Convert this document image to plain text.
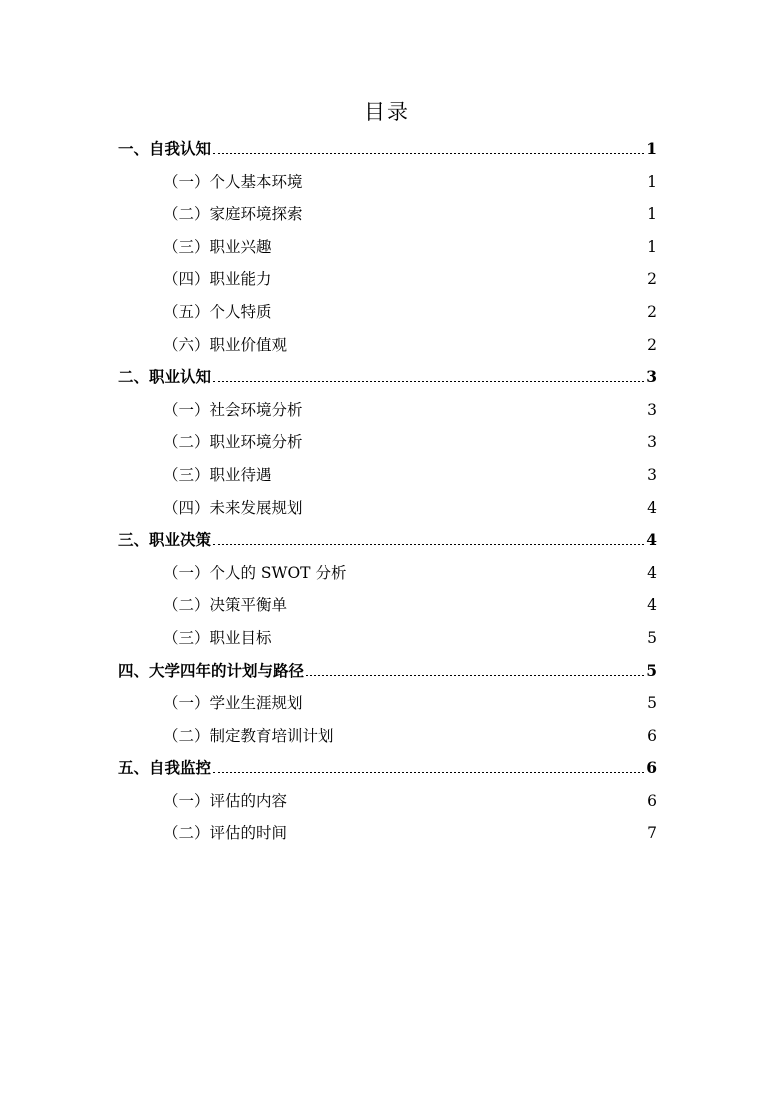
目录
一、自我认知	1
（一）个人基本环境	1
（二）家庭环境探索	1
（三）职业兴趣	1
（四）职业能力	2
（五）个人特质	2
（六）职业价值观	2
二、职业认知	3
（一）社会环境分析	3
（二）职业环境分析	3
（三）职业待遇	3
（四）未来发展规划	4
三、职业决策	4
（一）个人的 SWOT 分析	4
（二）决策平衡单	4
（三）职业目标	5
四、大学四年的计划与路径	5
（一）学业生涯规划	5
（二）制定教育培训计划	6
五、自我监控	6
（一）评估的内容	6
（二）评估的时间	7
